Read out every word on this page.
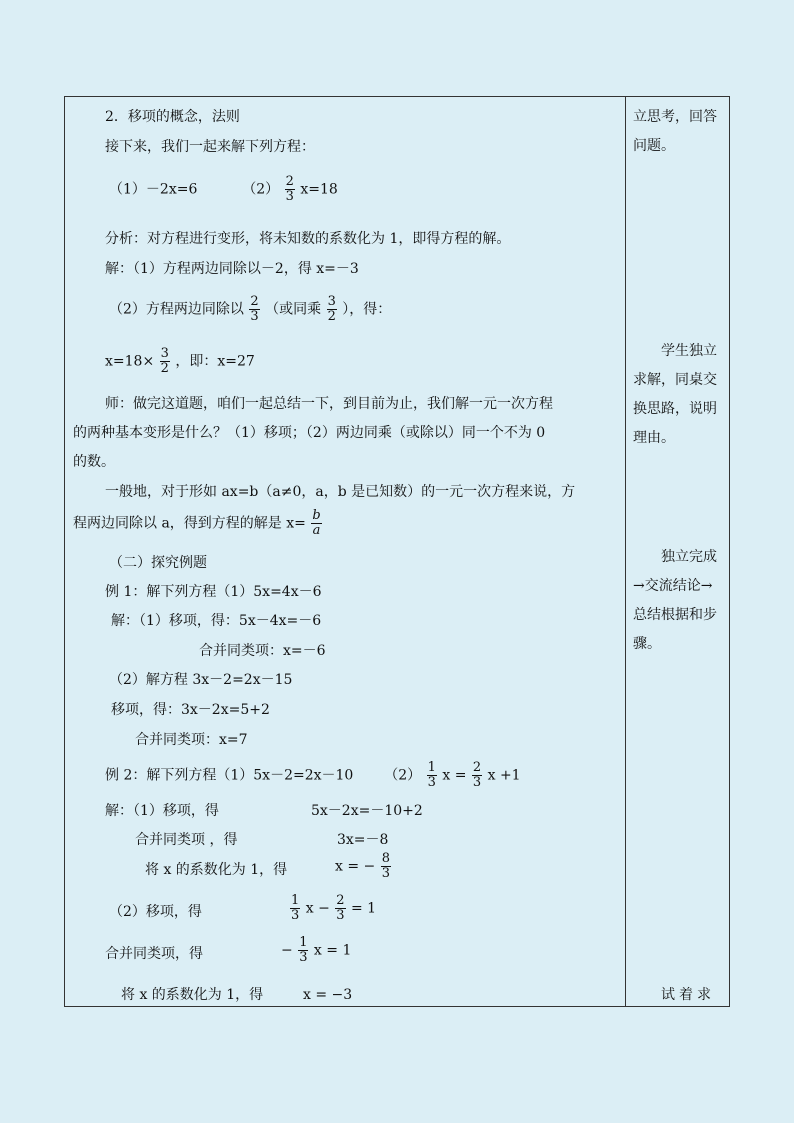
2．移项的概念，法则
接下来，我们一起来解下列方程：
（1）－2x=6	$(2) \frac{2}{3} x=18$
分析：对方程进行变形，将未知数的系数化为 1，即得方程的解。
解：（1）方程两边同除以－2，得 x=－3
（2）方程两边同除以 $\frac{2}{3}$ （或同乘 $\frac{3}{2}$ ），得：
$x=18\times \frac{3}{2}$ ，即：x=27
师：做完这道题，咱们一起总结一下，到目前为止，我们解一元一次方程
的两种基本变形是什么？（1）移项；（2）两边同乘（或除以）同一个不为 0
的数。
一般地，对于形如 ax=b（a≠0，a，b 是已知数）的一元一次方程来说，方
程两边同除以 a，得到方程的解是 $x= \frac{b}{a}$
（二）探究例题
例 1：解下列方程（1）5x=4x－6
解：（1）移项，得：5x－4x=－6
合并同类项：x=－6
（2）解方程 3x－2=2x－15
移项，得：3x－2x=5+2
合并同类项：x=7
例 2：解下列方程（1）5x－2=2x－10 $(2) \frac{1}{3}$ $x = \frac{2}{3}$ x +1
解：（1）移项，得	5x－2x=－10+2
合并同类项 ，得	3x=－8
将 x 的系数化为 1，得	x = − $\frac{8}{3}$
（2）移项，得	$\frac{1}{3}$ $x - \frac{2}{3} = 1$
合并同类项，得	− $\frac{1}{3}$ x = 1
将 x 的系数化为 1，得	x = −3
立思考，回答问题。
学生独立求解，同桌交换思路，说明理由。
独立完成→交流结论→总结根据和步骤。
试着求
